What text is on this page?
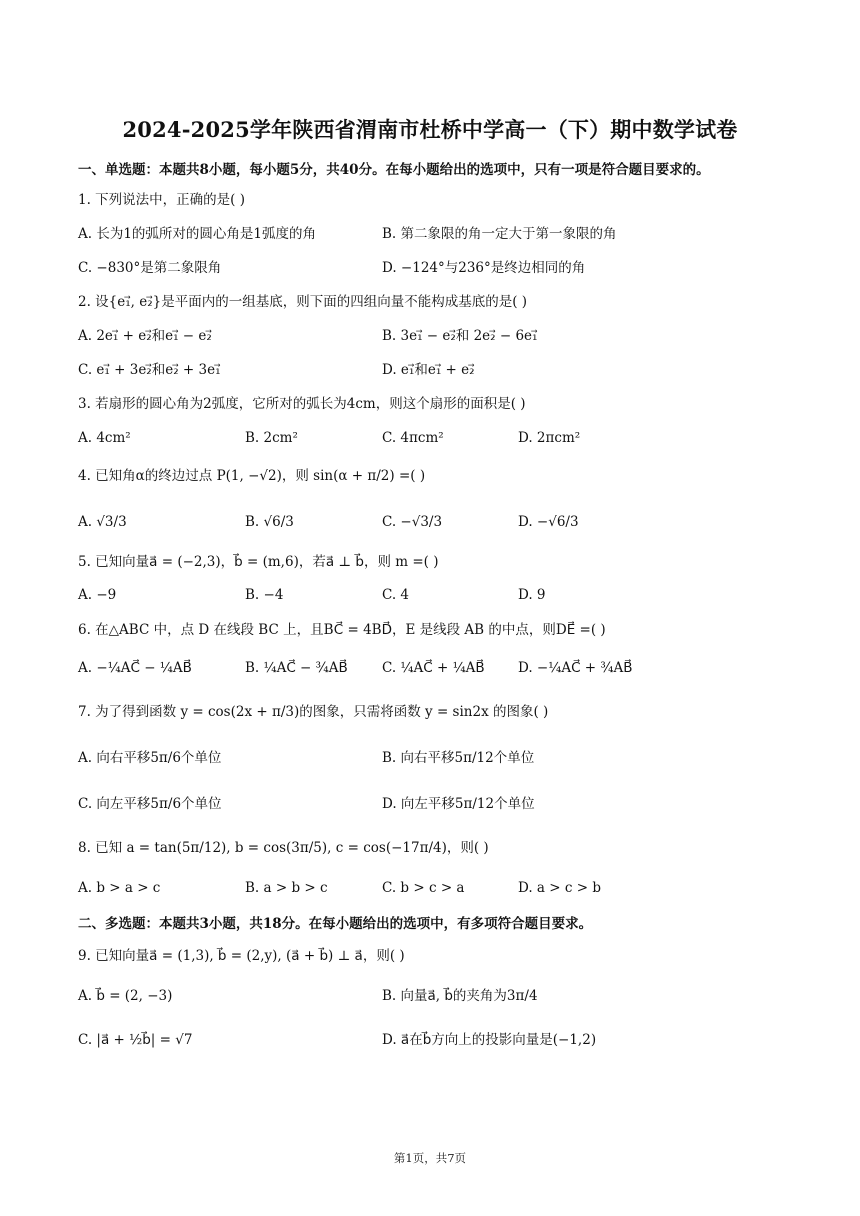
2024-2025学年陕西省渭南市杜桥中学高一（下）期中数学试卷
一、单选题：本题共8小题，每小题5分，共40分。在每小题给出的选项中，只有一项是符合题目要求的。
1. 下列说法中，正确的是( )
A. 长为1的弧所对的圆心角是1弧度的角	B. 第二象限的角一定大于第一象限的角
C. −830°是第二象限角	D. −124°与236°是终边相同的角
2. 设{e₁⃗, e₂⃗}是平面内的一组基底，则下面的四组向量不能构成基底的是( )
A. 2e₁⃗ + e₂⃗和e₁⃗ − e₂⃗	B. 3e₁⃗ − e₂⃗和 2e₂⃗ − 6e₁⃗
C. e₁⃗ + 3e₂⃗和e₂⃗ + 3e₁⃗	D. e₁⃗和e₁⃗ + e₂⃗
3. 若扇形的圆心角为2弧度，它所对的弧长为4cm，则这个扇形的面积是( )
A. 4cm²	B. 2cm²	C. 4πcm²	D. 2πcm²
4. 已知角α的终边过点 P(1, −√2)，则 sin(α + π/2) =( )
A. √3/3	B. √6/3	C. −√3/3	D. −√6/3
5. 已知向量a⃗ = (−2,3)，b⃗ = (m,6)，若a⃗ ⊥ b⃗，则 m =( )
A. −9	B. −4	C. 4	D. 9
6. 在△ABC 中，点 D 在线段 BC 上，且BC⃗ = 4BD⃗，E 是线段 AB 的中点，则DE⃗ =( )
A. −¼AC⃗ − ¼AB⃗	B. ¼AC⃗ − ¾AB⃗	C. ¼AC⃗ + ¼AB⃗ D. −¼AC⃗ + ¾AB⃗
7. 为了得到函数 y = cos(2x + π/3)的图象，只需将函数 y = sin2x 的图象( )
A. 向右平移5π/6个单位	B. 向右平移5π/12个单位
C. 向左平移5π/6个单位	D. 向左平移5π/12个单位
8. 已知 a = tan(5π/12), b = cos(3π/5), c = cos(−17π/4)，则( )
A. b > a > c	B. a > b > c	C. b > c > a	D. a > c > b
二、多选题：本题共3小题，共18分。在每小题给出的选项中，有多项符合题目要求。
9. 已知向量a⃗ = (1,3), b⃗ = (2,y), (a⃗ + b⃗) ⊥ a⃗，则( )
A. b⃗ = (2, −3)	B. 向量a⃗, b⃗的夹角为3π/4
C. |a⃗ + ½b⃗| = √7	D. a⃗在b⃗方向上的投影向量是(−1,2)
第1页，共7页
